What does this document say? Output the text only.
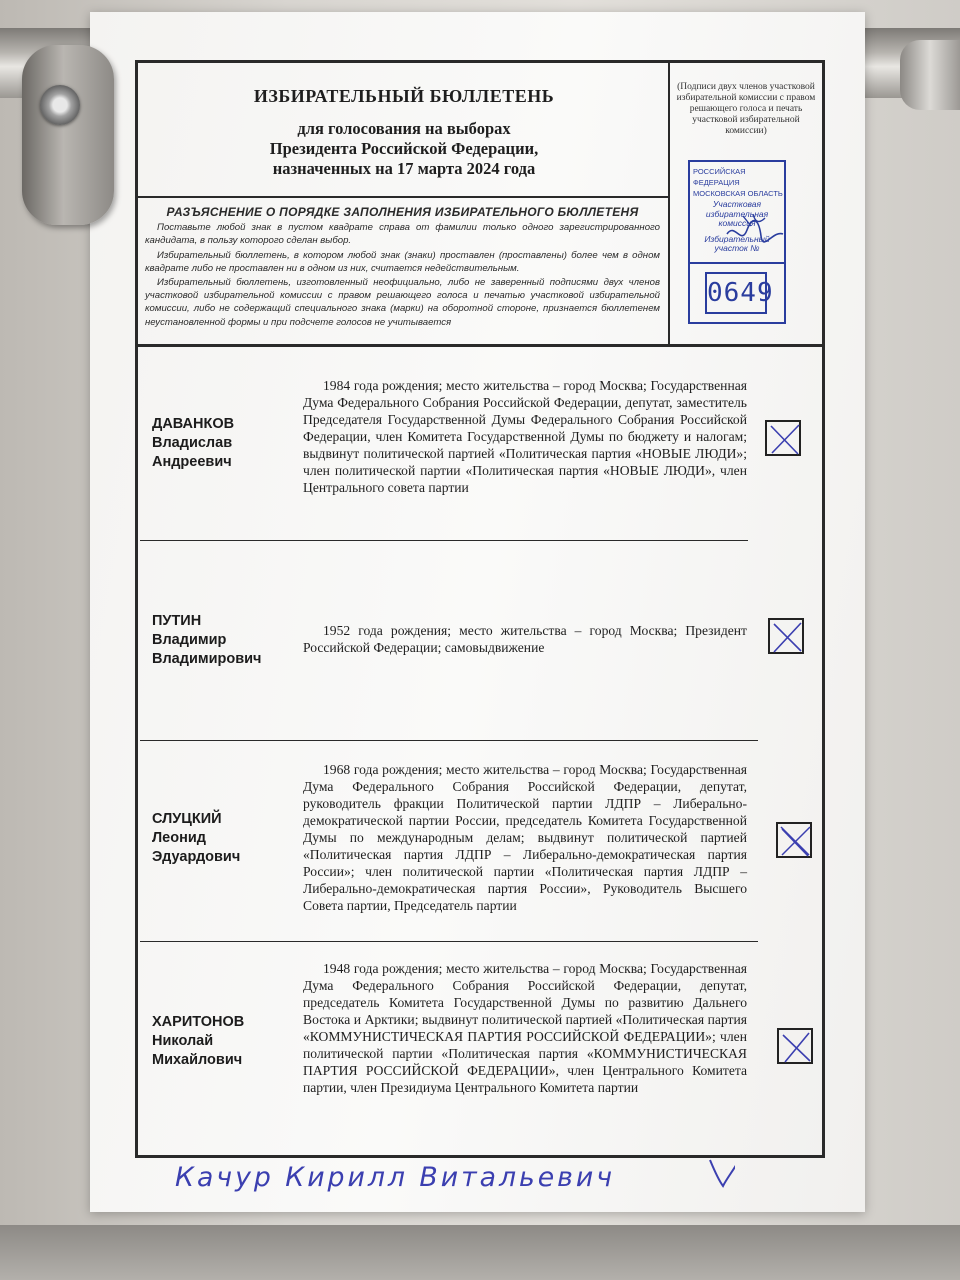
ИЗБИРАТЕЛЬНЫЙ БЮЛЛЕТЕНЬ
для голосования на выборах
Президента Российской Федерации,
назначенных на 17 марта 2024 года
(Подписи двух членов участковой избирательной комиссии с правом решающего голоса и печать участковой избирательной комиссии)
РОССИЙСКАЯ ФЕДЕРАЦИЯ
МОСКОВСКАЯ ОБЛАСТЬ
Участковая избирательная комиссия
Избирательный участок №
0649
РАЗЪЯСНЕНИЕ О ПОРЯДКЕ ЗАПОЛНЕНИЯ ИЗБИРАТЕЛЬНОГО БЮЛЛЕТЕНЯ

Поставьте любой знак в пустом квадрате справа от фамилии только одного зарегистрированного кандидата, в пользу которого сделан выбор.

Избирательный бюллетень, в котором любой знак (знаки) проставлен (проставлены) более чем в одном квадрате либо не проставлен ни в одном из них, считается недействительным.

Избирательный бюллетень, изготовленный неофициально, либо не заверенный подписями двух членов участковой избирательной комиссии с правом решающего голоса и печатью участковой избирательной комиссии, либо не содержащий специального знака (марки) на оборотной стороне, признается бюллетенем неустановленной формы и при подсчете голосов не учитывается

ДАВАНКОВ
Владислав
Андреевич
1984 года рождения; место жительства – город Москва; Государственная Дума Федерального Собрания Российской Федерации, депутат, заместитель Председателя Государственной Думы Федерального Собрания Российской Федерации, член Комитета Государственной Думы по бюджету и налогам; выдвинут политической партией «Политическая партия «НОВЫЕ ЛЮДИ»; член политической партии «Политическая партия «НОВЫЕ ЛЮДИ», член Центрального совета партии
ПУТИН
Владимир
Владимирович
1952 года рождения; место жительства – город Москва; Президент Российской Федерации; самовыдвижение
СЛУЦКИЙ
Леонид
Эдуардович
1968 года рождения; место жительства – город Москва; Государственная Дума Федерального Собрания Российской Федерации, депутат, руководитель фракции Политической партии ЛДПР – Либерально-демократической партии России, председатель Комитета Государственной Думы по международным делам; выдвинут политической партией «Политическая партия ЛДПР – Либерально-демократическая партия России»; член политической партии «Политическая партия ЛДПР – Либерально-демократическая партия России», Руководитель Высшего Совета партии, Председатель партии
ХАРИТОНОВ
Николай
Михайлович
1948 года рождения; место жительства – город Москва; Государственная Дума Федерального Собрания Российской Федерации, депутат, председатель Комитета Государственной Думы по развитию Дальнего Востока и Арктики; выдвинут политической партией «Политическая партия «КОММУНИСТИЧЕСКАЯ ПАРТИЯ РОССИЙСКОЙ ФЕДЕРАЦИИ»; член политической партии «Политическая партия «КОММУНИСТИЧЕСКАЯ ПАРТИЯ РОССИЙСКОЙ ФЕДЕРАЦИИ», член Центрального Комитета партии, член Президиума Центрального Комитета партии
Качур Кирилл Витальевич
